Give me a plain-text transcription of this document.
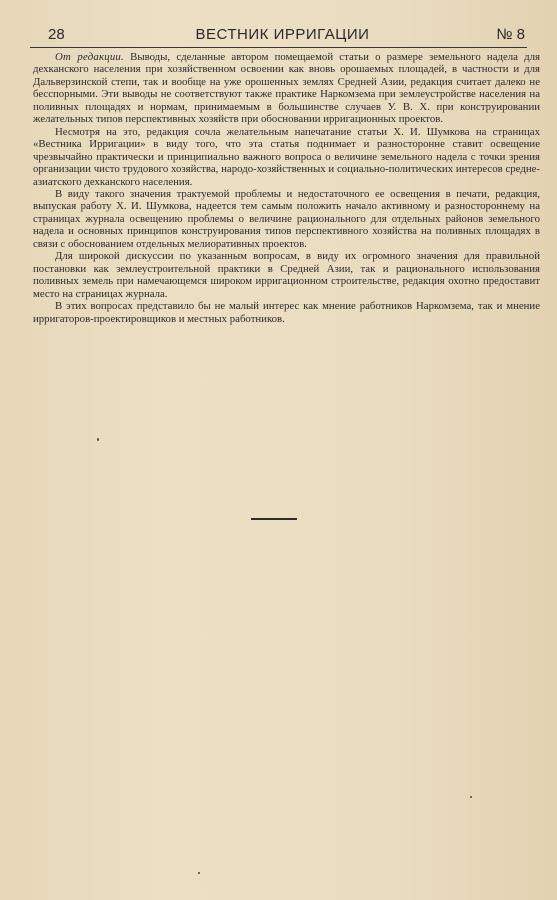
28	ВЕСТНИК ИРРИГАЦИИ	№ 8

От редакции. Выводы, сделанные автором помещаемой статьи о размере земельного надела для дехканского населения при хозяйственном освоении как вновь орошаемых площадей, в частности и для Дальверзинской степи, так и вообще на уже орошенных землях Средней Азии, редакция считает далеко не бесспорными. Эти выводы не соответствуют также практике Наркомзема при землеустройстве населения на поливных площадях и нормам, принимаемым в большинстве случаев У. В. Х. при конструировании желательных типов перспективных хозяйств при обосновании ирригационных проектов.

Несмотря на это, редакция сочла желательным напечатание статьи Х. И. Шумкова на страницах «Вестника Ирригации» в виду того, что эта статья поднимает и разносторонне ставит освещение чрезвычайно практически и принципиально важного вопроса о величине земельного надела с точки зрения организации чисто трудового хозяйства, народо-хозяйственных и социально-политических интересов средне-азиатского дехканского населения.

В виду такого значения трактуемой проблемы и недостаточного ее освещения в печати, редакция, выпуская работу Х. И. Шумкова, надеется тем самым положить начало активному и разностороннему на страницах журнала освещению проблемы о величине рационального для отдельных районов земельного надела и основных принципов конструирования типов перспективного хозяйства на поливных площадях в связи с обоснованием отдельных мелиоративных проектов.

Для широкой дискуссии по указанным вопросам, в виду их огромного значения для правильной постановки как землеустроительной практики в Средней Азии, так и рационального использования поливных земель при намечающемся широком ирригационном строительстве, редакция охотно предоставит место на страницах журнала.

В этих вопросах представило бы не малый интерес как мнение работников Наркомзема, так и мнение ирригаторов-проектировщиков и местных работников.
